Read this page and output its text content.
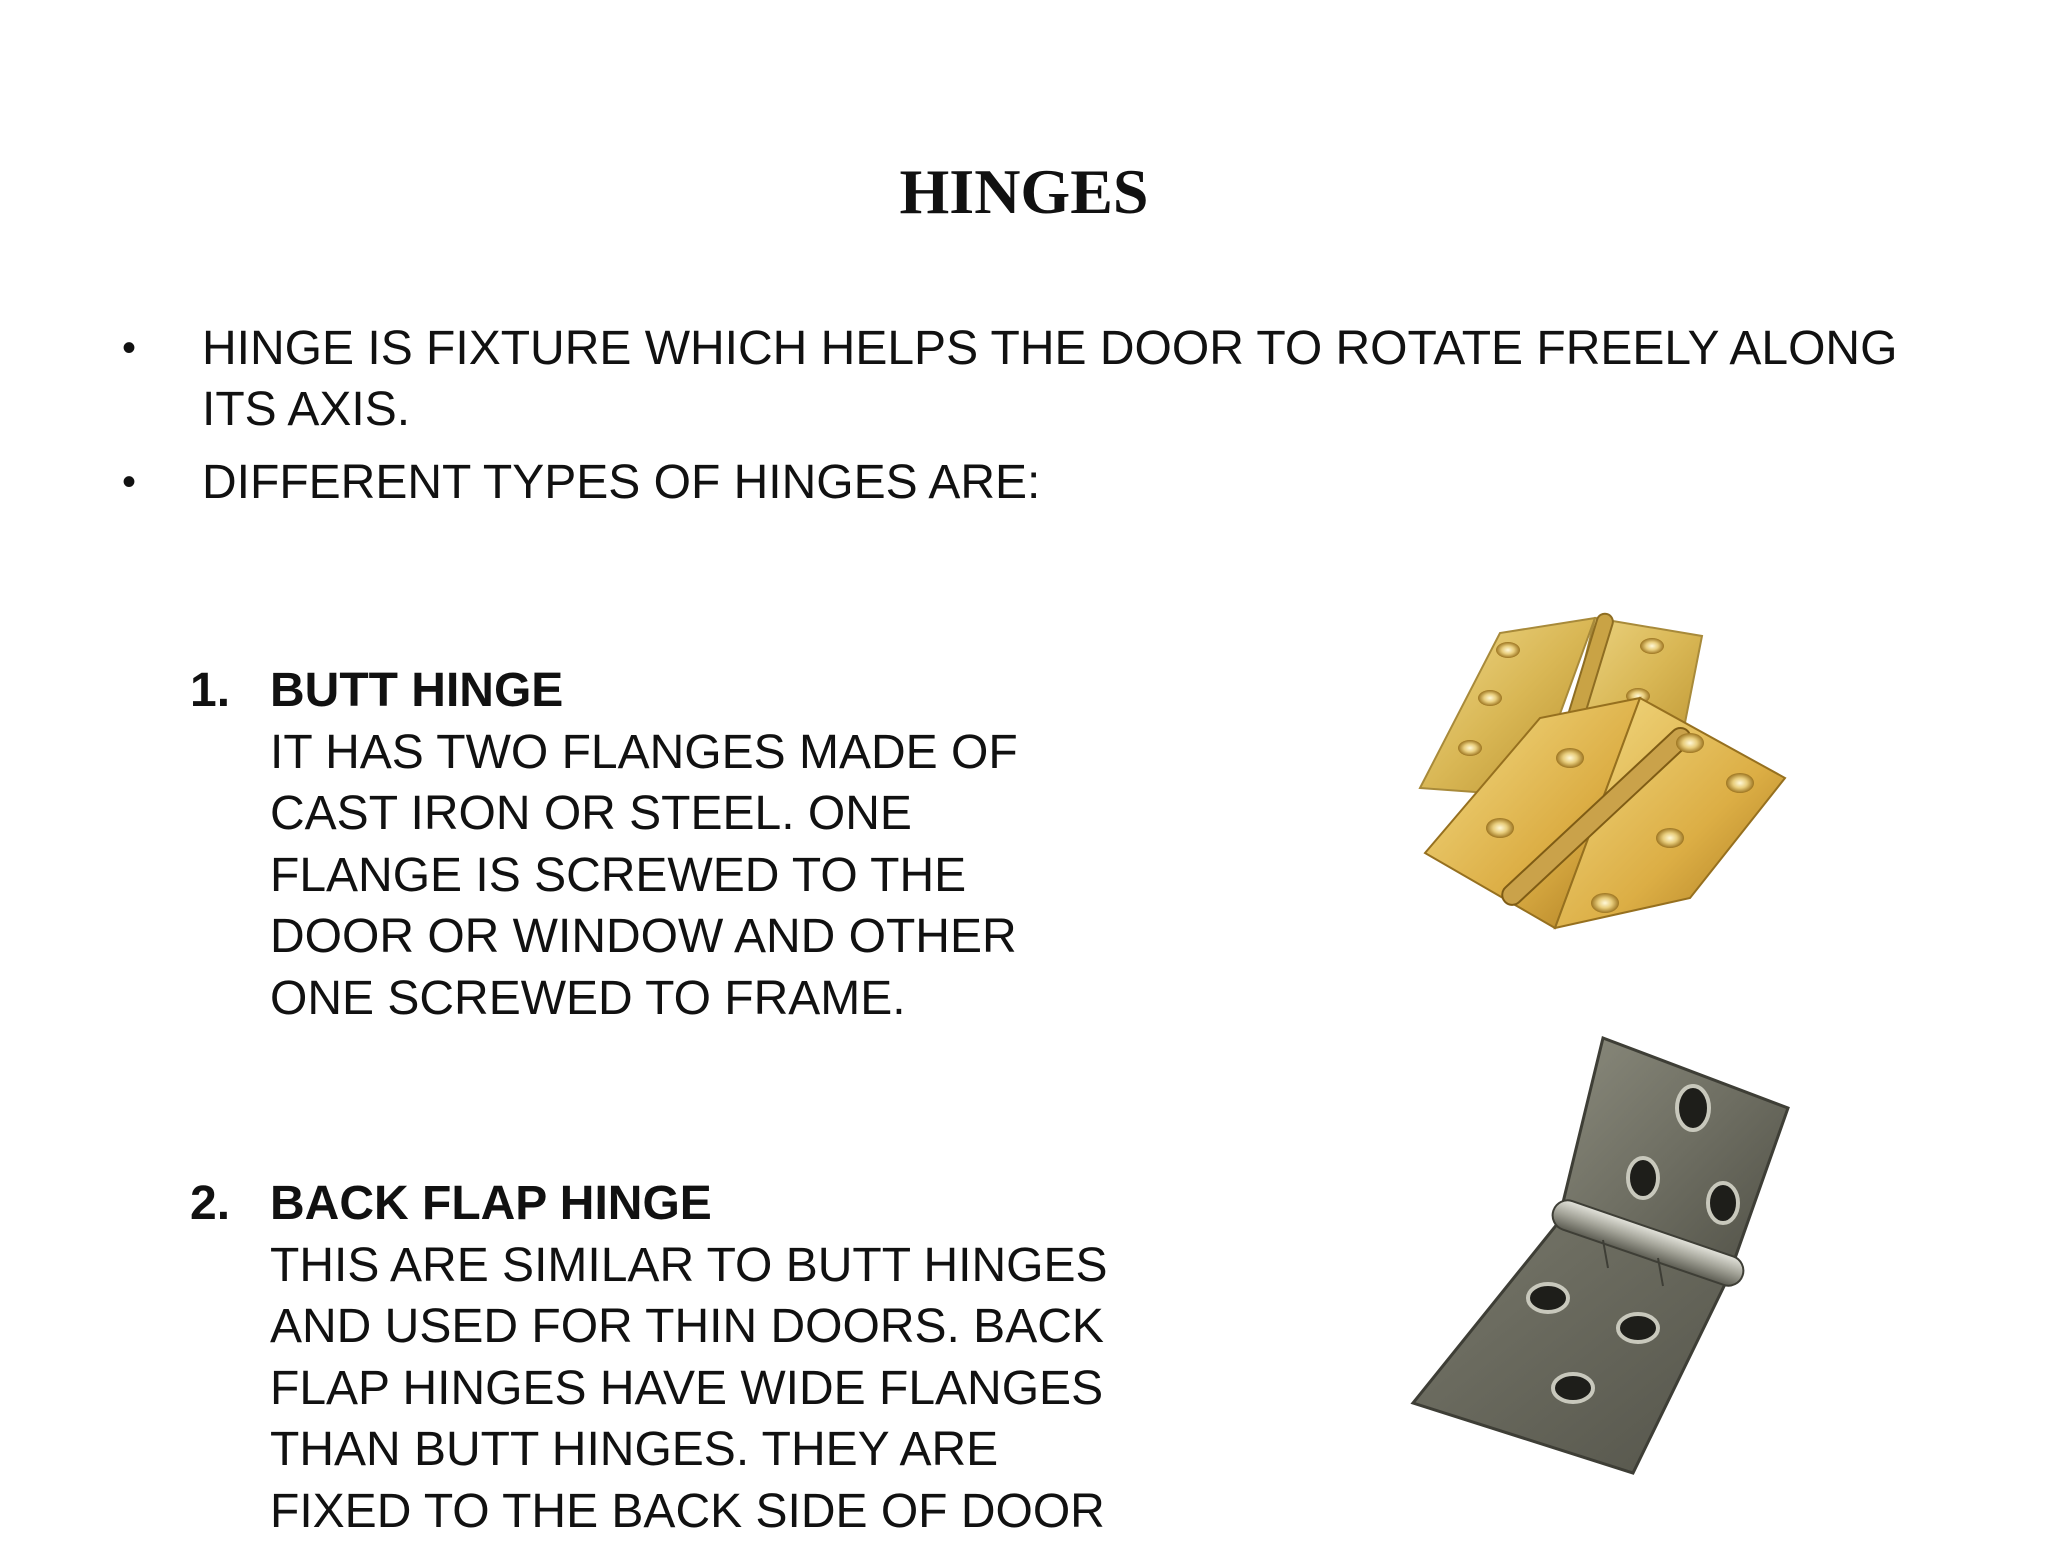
HINGES
• HINGE IS FIXTURE WHICH HELPS THE DOOR TO ROTATE FREELY ALONG ITS AXIS.
• DIFFERENT TYPES OF HINGES ARE:
1. BUTT HINGE
IT HAS TWO FLANGES MADE OF
CAST IRON OR STEEL. ONE
FLANGE IS SCREWED TO THE
DOOR OR WINDOW AND OTHER
ONE SCREWED TO FRAME.
2. BACK FLAP HINGE
THIS ARE SIMILAR TO BUTT HINGES
AND USED FOR THIN DOORS. BACK
FLAP HINGES HAVE WIDE FLANGES
THAN BUTT HINGES. THEY ARE
FIXED TO THE BACK SIDE OF DOOR
